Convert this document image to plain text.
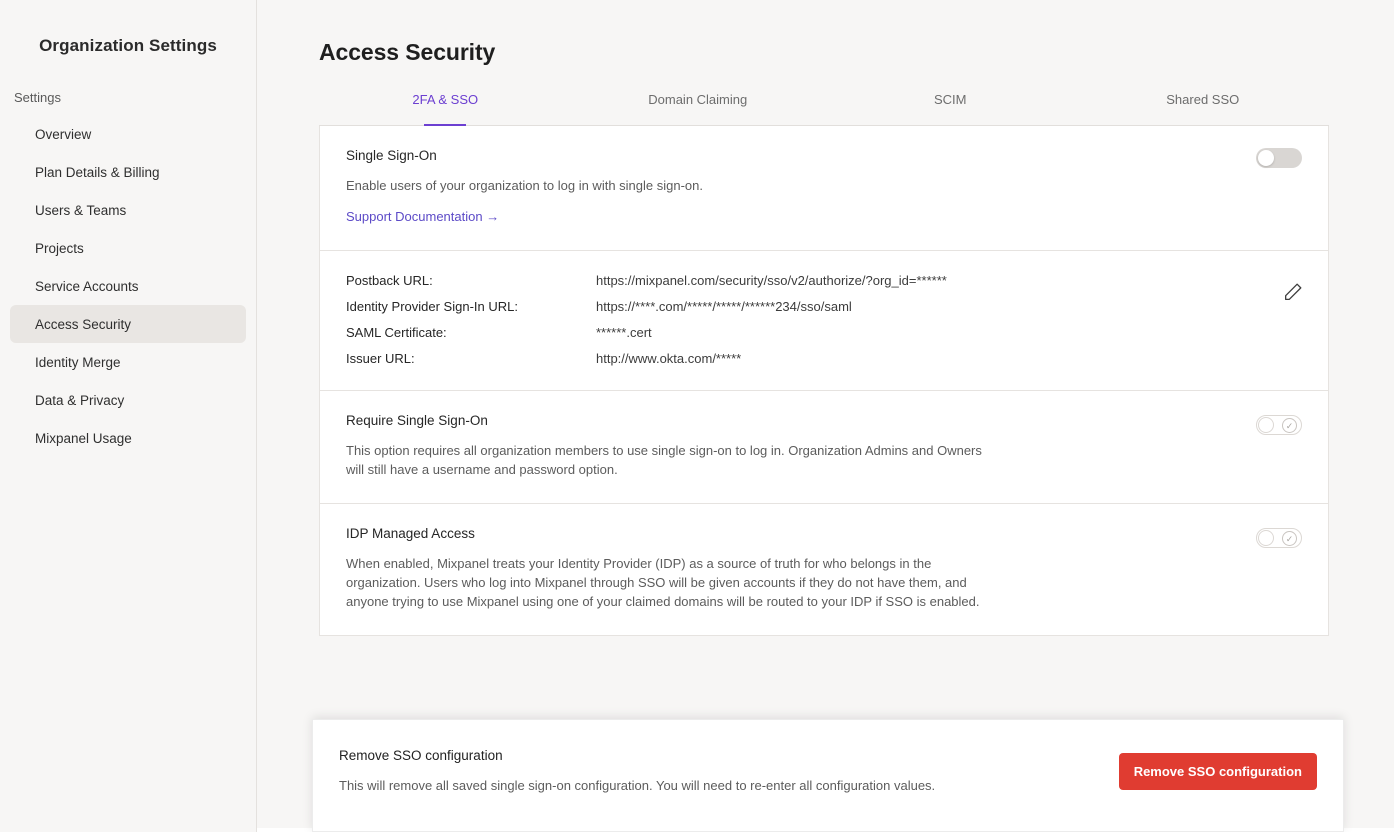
Organization Settings
Settings
Overview
Plan Details & Billing
Users & Teams
Projects
Service Accounts
Access Security
Identity Merge
Data & Privacy
Mixpanel Usage
Access Security
2FA & SSO	Domain Claiming	SCIM	Shared SSO
Single Sign-On
Enable users of your organization to log in with single sign-on.
Support Documentation →
Postback URL:	https://mixpanel.com/security/sso/v2/authorize/?org_id=******
Identity Provider Sign-In URL:	https://****.com/*****/*****/******234/sso/saml
SAML Certificate:	******.cert
Issuer URL:	http://www.okta.com/*****
Require Single Sign-On
This option requires all organization members to use single sign-on to log in. Organization Admins and Owners will still have a username and password option.
✓
IDP Managed Access
When enabled, Mixpanel treats your Identity Provider (IDP) as a source of truth for who belongs in the organization. Users who log into Mixpanel through SSO will be given accounts if they do not have them, and anyone trying to use Mixpanel using one of your claimed domains will be routed to your IDP if SSO is enabled.
✓
Remove SSO configuration
This will remove all saved single sign-on configuration. You will need to re-enter all configuration values.
Remove SSO configuration
